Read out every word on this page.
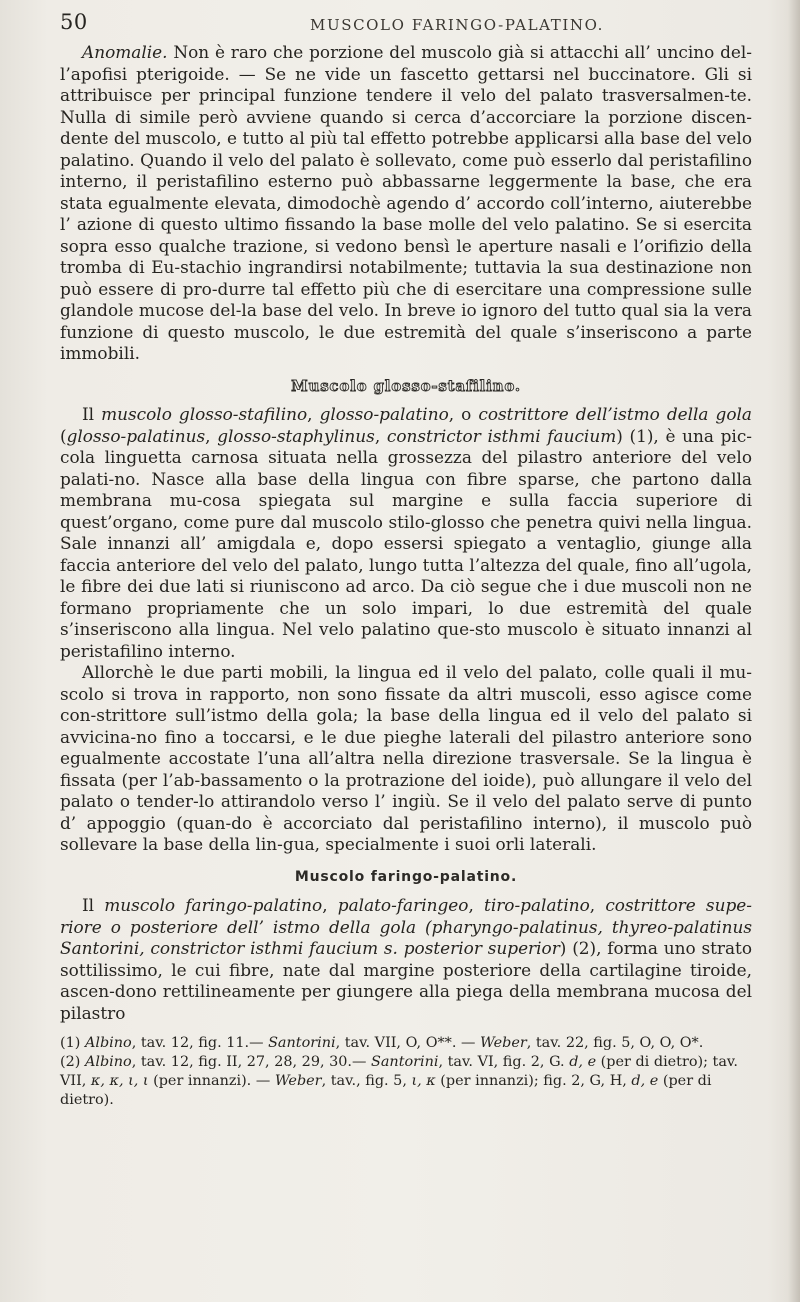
50	MUSCOLO FARINGO-PALATINO.

Anomalie. Non è raro che porzione del muscolo già si attacchi all’ uncino del-l’apofisi pterigoide. — Se ne vide un fascetto gettarsi nel buccinatore. Gli si attribuisce per principal funzione tendere il velo del palato trasversalmen-te. Nulla di simile però avviene quando si cerca d’accorciare la porzione discen-dente del muscolo, e tutto al più tal effetto potrebbe applicarsi alla base del velo palatino. Quando il velo del palato è sollevato, come può esserlo dal peristafilino interno, il peristafilino esterno può abbassarne leggermente la base, che era stata egualmente elevata, dimodochè agendo d’ accordo coll’interno, aiuterebbe l’ azione di questo ultimo fissando la base molle del velo palatino. Se si esercita sopra esso qualche trazione, si vedono bensì le aperture nasali e l’orifizio della tromba di Eu-stachio ingrandirsi notabilmente; tuttavia la sua destinazione non può essere di pro-durre tal effetto più che di esercitare una compressione sulle glandole mucose del-la base del velo. In breve io ignoro del tutto qual sia la vera funzione di questo muscolo, le due estremità del quale s’inseriscono a parte immobili.

Muscolo glosso-stafilino.

Il muscolo glosso-stafilino, glosso-palatino, o costrittore dell’istmo della gola (glosso-palatinus, glosso-staphylinus, constrictor isthmi faucium) (1), è una pic-cola linguetta carnosa situata nella grossezza del pilastro anteriore del velo palati-no. Nasce alla base della lingua con fibre sparse, che partono dalla membrana mu-cosa spiegata sul margine e sulla faccia superiore di quest’organo, come pure dal muscolo stilo-glosso che penetra quivi nella lingua. Sale innanzi all’ amigdala e, dopo essersi spiegato a ventaglio, giunge alla faccia anteriore del velo del palato, lungo tutta l’altezza del quale, fino all’ugola, le fibre dei due lati si riuniscono ad arco. Da ciò segue che i due muscoli non ne formano propriamente che un solo impari, lo due estremità del quale s’inseriscono alla lingua. Nel velo palatino que-sto muscolo è situato innanzi al peristafilino interno.

Allorchè le due parti mobili, la lingua ed il velo del palato, colle quali il mu-scolo si trova in rapporto, non sono fissate da altri muscoli, esso agisce come con-strittore sull’istmo della gola; la base della lingua ed il velo del palato si avvicina-no fino a toccarsi, e le due pieghe laterali del pilastro anteriore sono egualmente accostate l’una all’altra nella direzione trasversale. Se la lingua è fissata (per l’ab-bassamento o la protrazione del ioide), può allungare il velo del palato o tender-lo attirandolo verso l’ ingiù. Se il velo del palato serve di punto d’ appoggio (quan-do è accorciato dal peristafilino interno), il muscolo può sollevare la base della lin-gua, specialmente i suoi orli laterali.

Muscolo faringo-palatino.

Il muscolo faringo-palatino, palato-faringeo, tiro-palatino, costrittore supe-riore o posteriore dell’ istmo della gola (pharyngo-palatinus, thyreo-palatinus Santorini, constrictor isthmi faucium s. posterior superior) (2), forma uno strato sottilissimo, le cui fibre, nate dal margine posteriore della cartilagine tiroide, ascen-dono rettilineamente per giungere alla piega della membrana mucosa del pilastro

(1) Albino, tav. 12, fig. 11.— Santorini, tav. VII, O, O**. — Weber, tav. 22, fig. 5, O, O, O*.

(2) Albino, tav. 12, fig. II, 27, 28, 29, 30.— Santorini, tav. VI, fig. 2, G. d, e (per di dietro); tav. VII, κ, κ, ι, ι (per innanzi). — Weber, tav., fig. 5, ι, κ (per innanzi); fig. 2, G, H, d, e (per di dietro).
